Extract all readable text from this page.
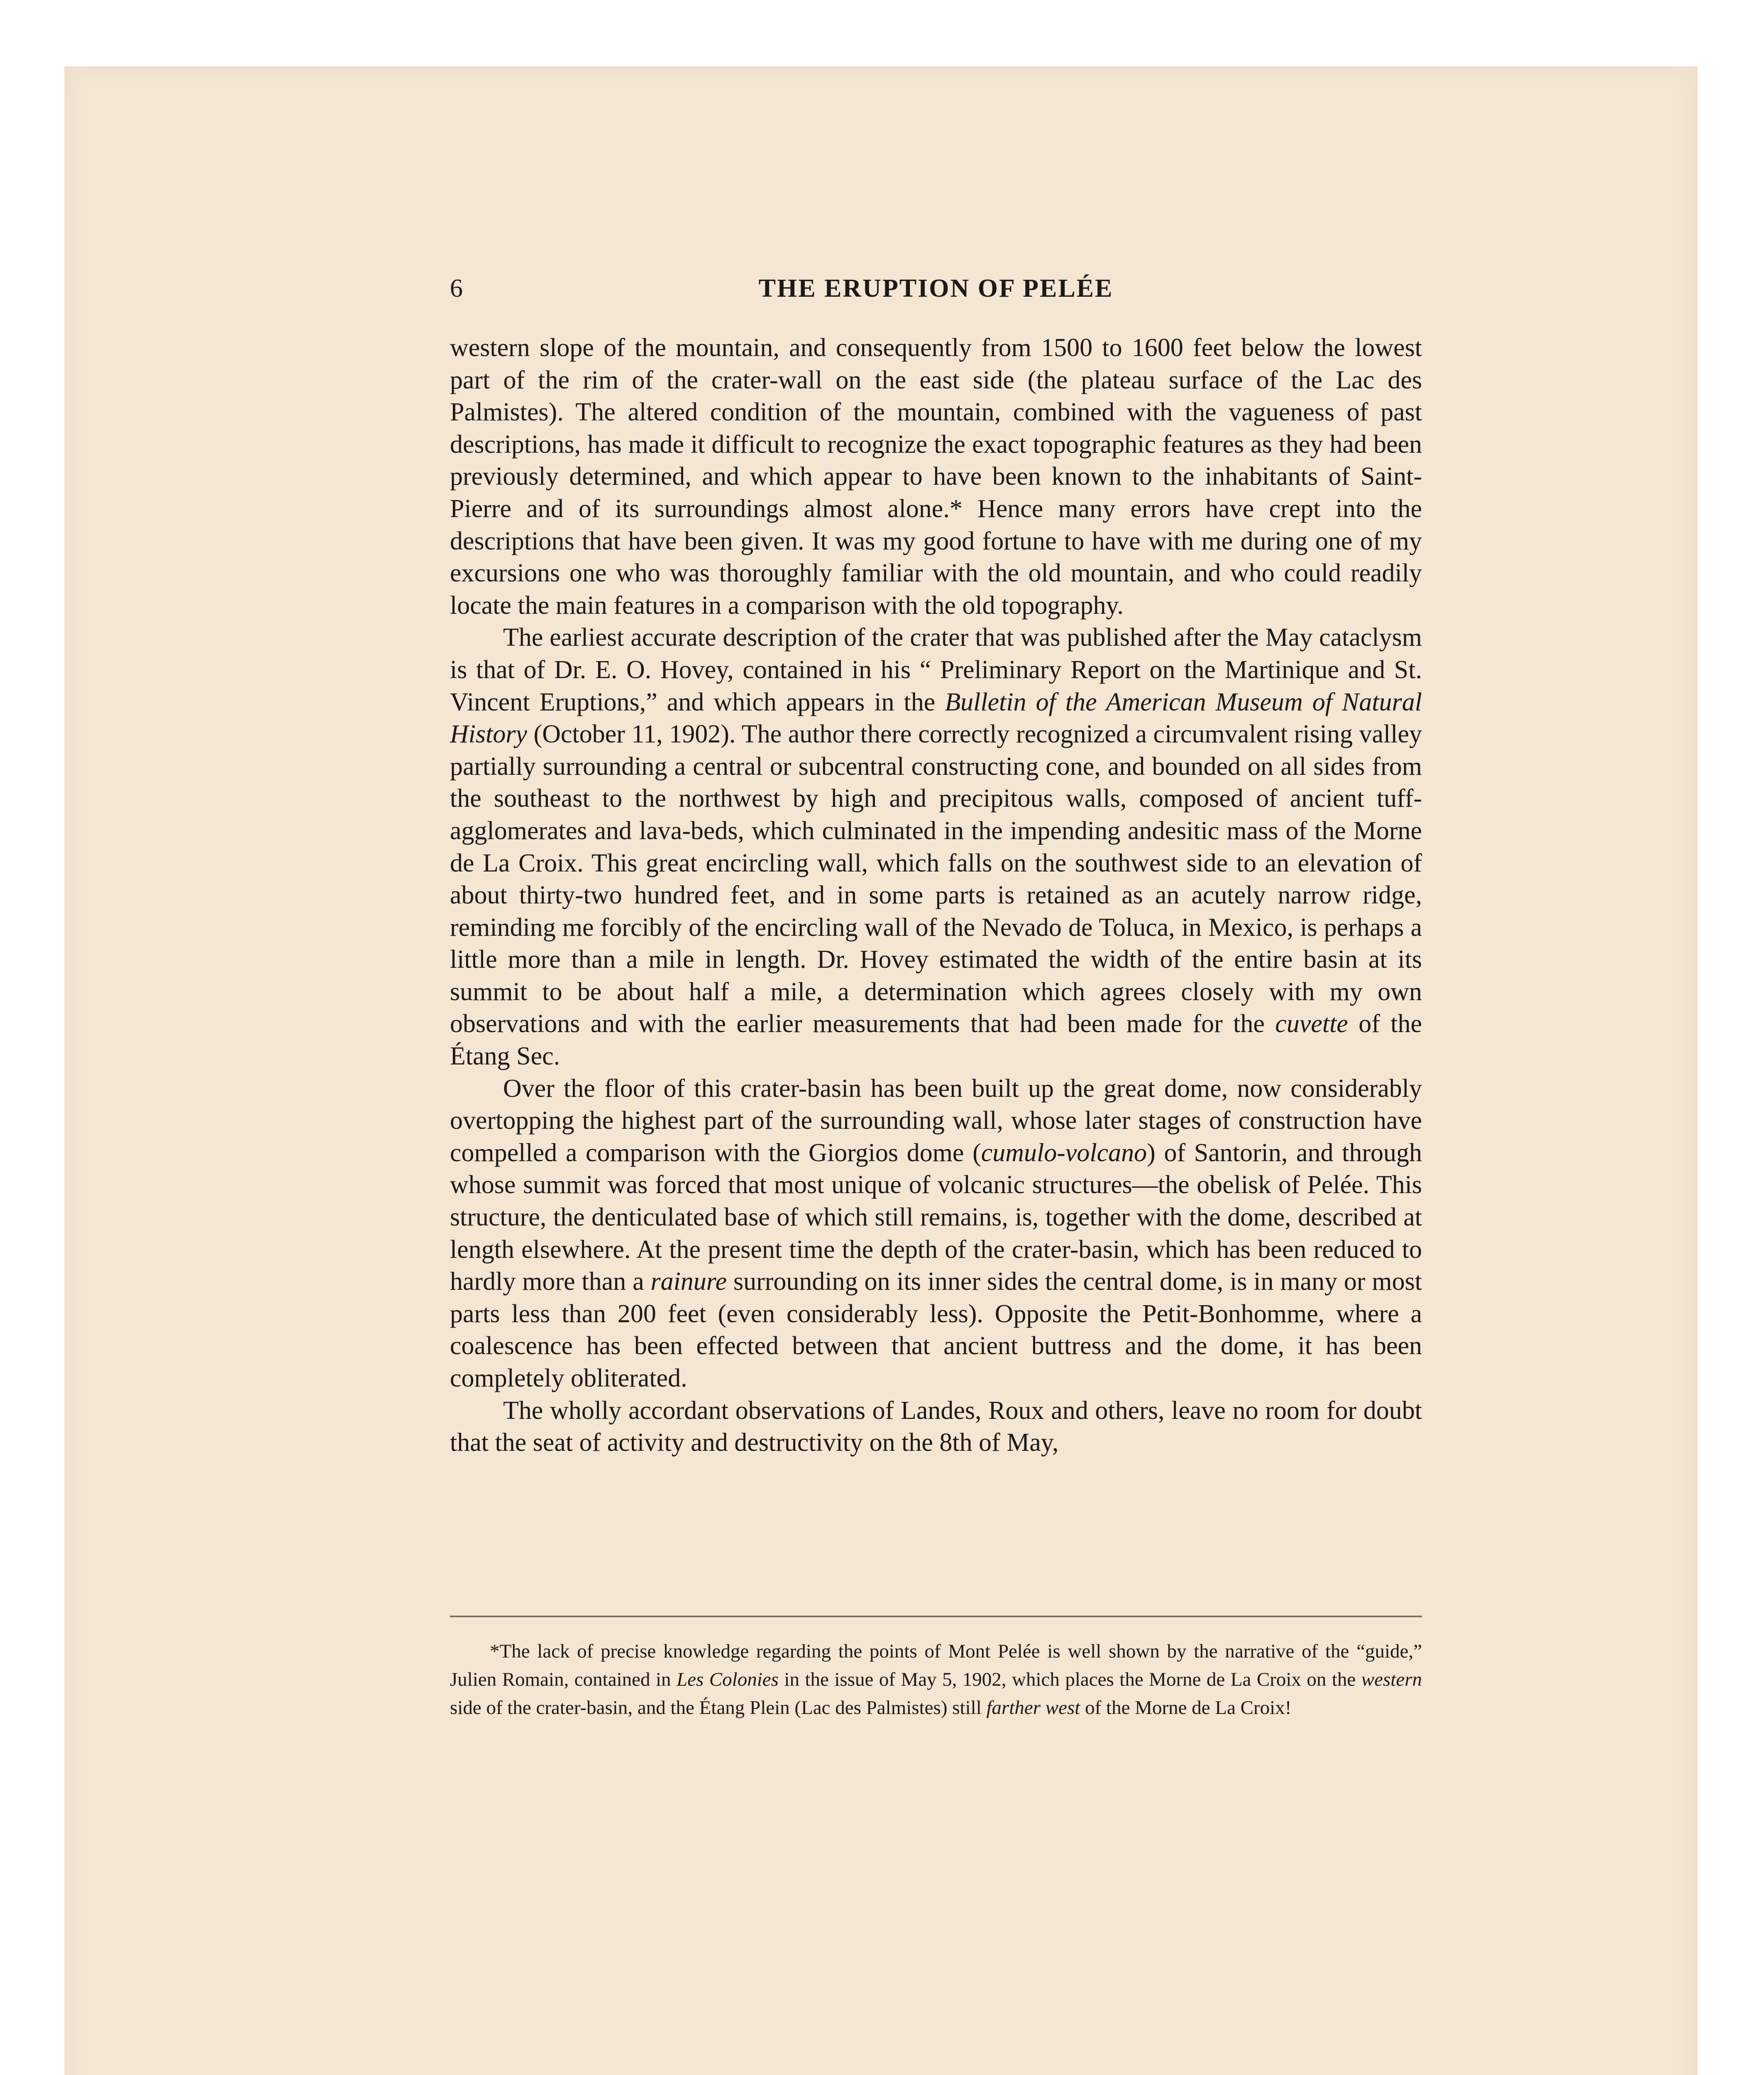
6	THE ERUPTION OF PELÉE

western slope of the mountain, and consequently from 1500 to 1600 feet below the lowest part of the rim of the crater-wall on the east side (the plateau surface of the Lac des Palmistes). The altered condition of the mountain, combined with the vagueness of past descriptions, has made it difficult to recognize the exact topographic features as they had been previously determined, and which appear to have been known to the inhabitants of Saint-Pierre and of its surroundings almost alone.* Hence many errors have crept into the descriptions that have been given. It was my good fortune to have with me during one of my excursions one who was thoroughly familiar with the old mountain, and who could readily locate the main features in a comparison with the old topography.

The earliest accurate description of the crater that was published after the May cataclysm is that of Dr. E. O. Hovey, contained in his “ Preliminary Report on the Martinique and St. Vincent Eruptions,” and which appears in the Bulletin of the American Museum of Natural History (October 11, 1902). The author there correctly recognized a circumvalent rising valley partially surrounding a central or subcentral constructing cone, and bounded on all sides from the southeast to the northwest by high and precipitous walls, composed of ancient tuff-agglomerates and lava-beds, which culminated in the impending andesitic mass of the Morne de La Croix. This great encircling wall, which falls on the southwest side to an elevation of about thirty-two hundred feet, and in some parts is retained as an acutely narrow ridge, reminding me forcibly of the encircling wall of the Nevado de Toluca, in Mexico, is perhaps a little more than a mile in length. Dr. Hovey estimated the width of the entire basin at its summit to be about half a mile, a determination which agrees closely with my own observations and with the earlier measurements that had been made for the cuvette of the Étang Sec.

Over the floor of this crater-basin has been built up the great dome, now considerably overtopping the highest part of the surrounding wall, whose later stages of construction have compelled a comparison with the Giorgios dome (cumulo-volcano) of Santorin, and through whose summit was forced that most unique of volcanic structures—the obelisk of Pelée. This structure, the denticulated base of which still remains, is, together with the dome, described at length elsewhere. At the present time the depth of the crater-basin, which has been reduced to hardly more than a rainure surrounding on its inner sides the central dome, is in many or most parts less than 200 feet (even considerably less). Opposite the Petit-Bonhomme, where a coalescence has been effected between that ancient buttress and the dome, it has been completely obliterated.

The wholly accordant observations of Landes, Roux and others, leave no room for doubt that the seat of activity and destructivity on the 8th of May,

*The lack of precise knowledge regarding the points of Mont Pelée is well shown by the narrative of the “guide,” Julien Romain, contained in Les Colonies in the issue of May 5, 1902, which places the Morne de La Croix on the western side of the crater-basin, and the Étang Plein (Lac des Palmistes) still farther west of the Morne de La Croix!
